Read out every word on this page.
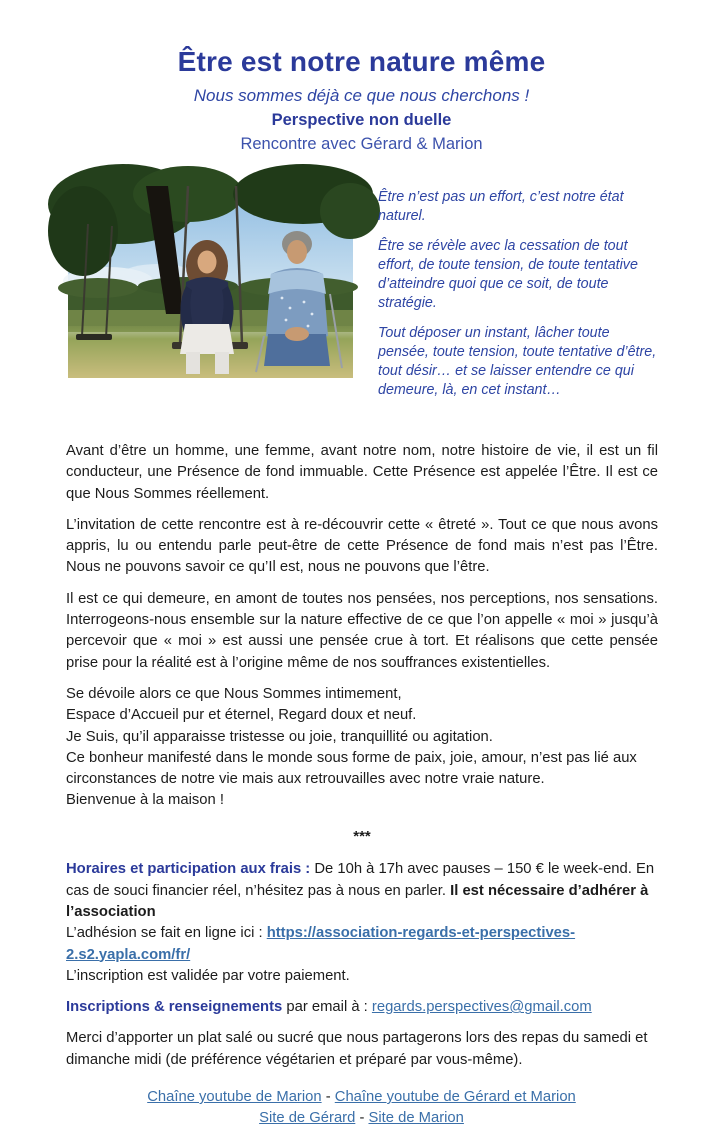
Être est notre nature même
Nous sommes déjà ce que nous cherchons !
Perspective non duelle
Rencontre avec Gérard & Marion

Être n’est pas un effort, c’est notre état naturel.

Être se révèle avec la cessation de tout effort, de toute tension, de toute tentative d’atteindre quoi que ce soit, de toute stratégie.

Tout déposer un instant, lâcher toute pensée, toute tension, toute tentative d’être, tout désir… et se laisser entendre ce qui demeure, là, en cet instant…

Avant d’être un homme, une femme, avant notre nom, notre histoire de vie, il est un fil conducteur, une Présence de fond immuable. Cette Présence est appelée l’Être. Il est ce que Nous Sommes réellement.

L’invitation de cette rencontre est à re-découvrir cette « êtreté ». Tout ce que nous avons appris, lu ou entendu parle peut-être de cette Présence de fond mais n’est pas l’Être. Nous ne pouvons savoir ce qu’Il est, nous ne pouvons que l’être.

Il est ce qui demeure, en amont de toutes nos pensées, nos perceptions, nos sensations. Interrogeons-nous ensemble sur la nature effective de ce que l’on appelle « moi » jusqu’à percevoir que « moi » est aussi une pensée crue à tort. Et réalisons que cette pensée prise pour la réalité est à l’origine même de nos souffrances existentielles.

Se dévoile alors ce que Nous Sommes intimement,
Espace d’Accueil pur et éternel, Regard doux et neuf.
Je Suis, qu’il apparaisse tristesse ou joie, tranquillité ou agitation.
Ce bonheur manifesté dans le monde sous forme de paix, joie, amour, n’est pas lié aux circonstances de notre vie mais aux retrouvailles avec notre vraie nature.
Bienvenue à la maison !

***

Horaires et participation aux frais : De 10h à 17h avec pauses – 150 € le week-end. En cas de souci financier réel, n’hésitez pas à nous en parler. Il est nécessaire d’adhérer à l’association
L’adhésion se fait en ligne ici : https://association-regards-et-perspectives-2.s2.yapla.com/fr/
L’inscription est validée par votre paiement.

Inscriptions & renseignements par email à : regards.perspectives@gmail.com

Merci d’apporter un plat salé ou sucré que nous partagerons lors des repas du samedi et dimanche midi (de préférence végétarien et préparé par vous-même).

Chaîne youtube de Marion - Chaîne youtube de Gérard et Marion
Site de Gérard - Site de Marion
